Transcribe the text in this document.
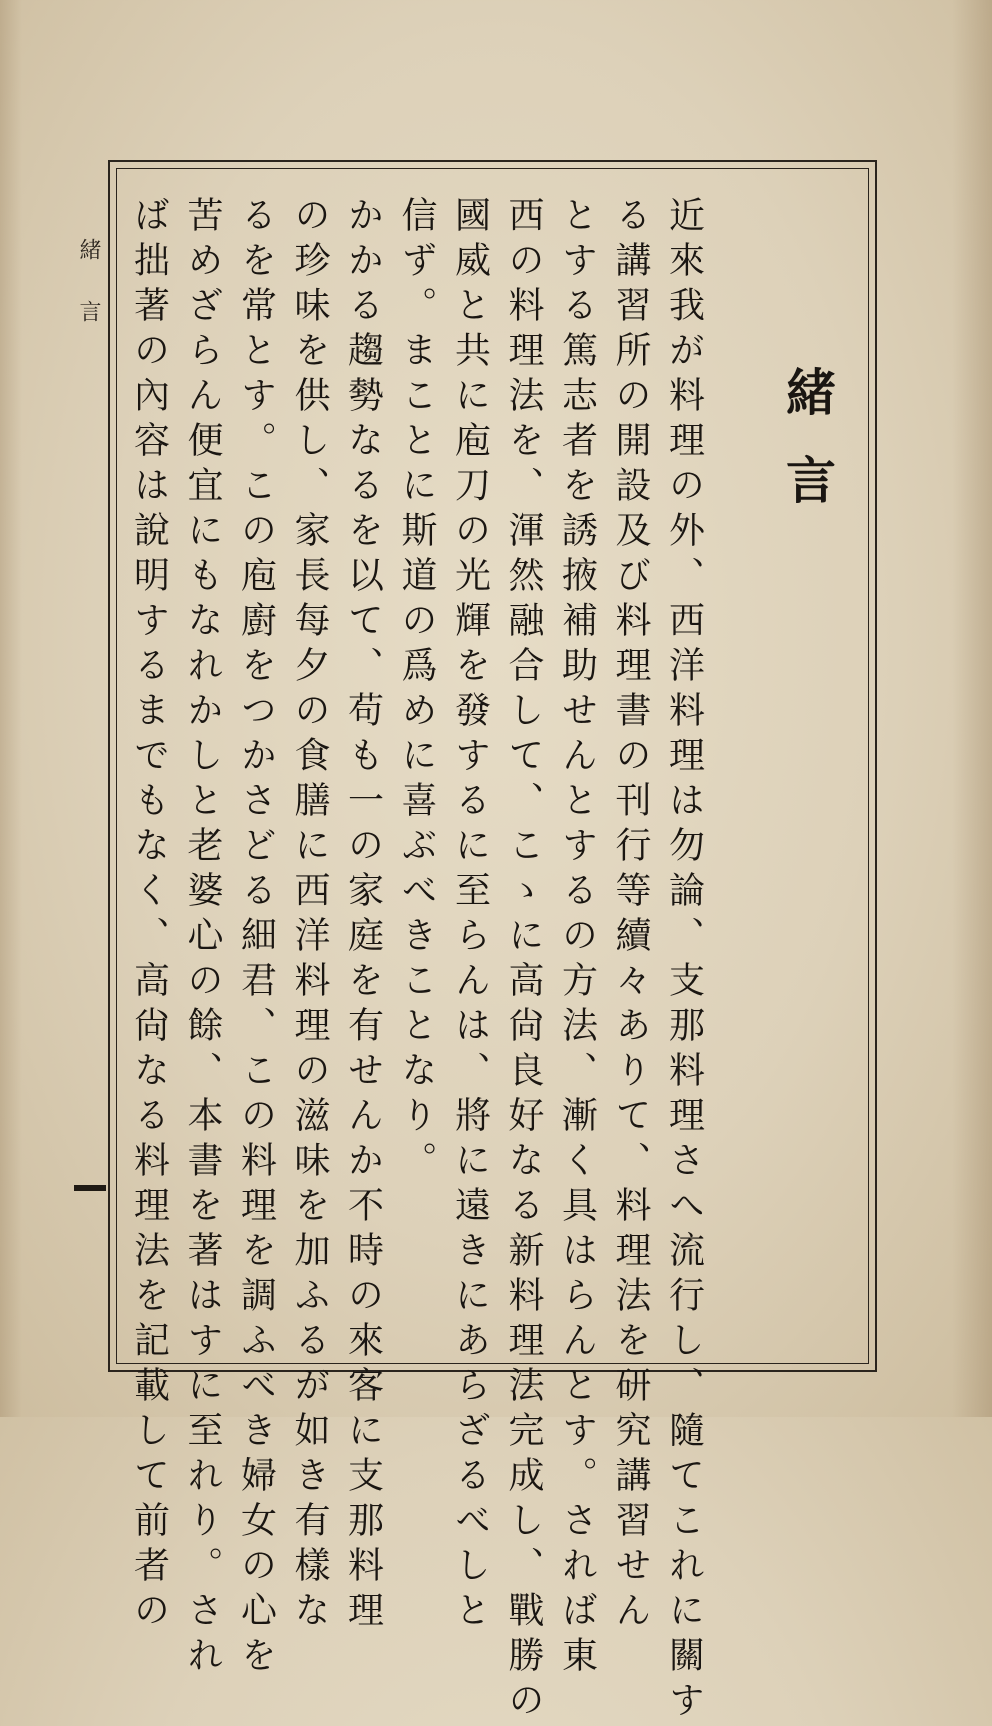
緒言
緒言
近來我が料理の外、西洋料理は勿論、支那料理さへ流行し、隨てこれに關す
る講習所の開設及び料理書の刊行等續々ありて、料理法を研究講習せん
とする篤志者を誘掖補助せんとするの方法、漸く具はらんとす。されば東
西の料理法を、渾然融合して、こゝに高尙良好なる新料理法完成し、戰勝の
國威と共に庖刀の光輝を發するに至らんは、將に遠きにあらざるべしと
信ず。まことに斯道の爲めに喜ぶべきことなり。
かかる趨勢なるを以て、苟も一の家庭を有せんか不時の來客に支那料理
の珍味を供し、家長每夕の食膳に西洋料理の滋味を加ふるが如き有樣な
るを常とす。この庖廚をつかさどる細君、この料理を調ふべき婦女の心を
苦めざらん便宜にもなれかしと老婆心の餘、本書を著はすに至れり。され
ば拙著の內容は說明するまでもなく、高尙なる料理法を記載して前者の
